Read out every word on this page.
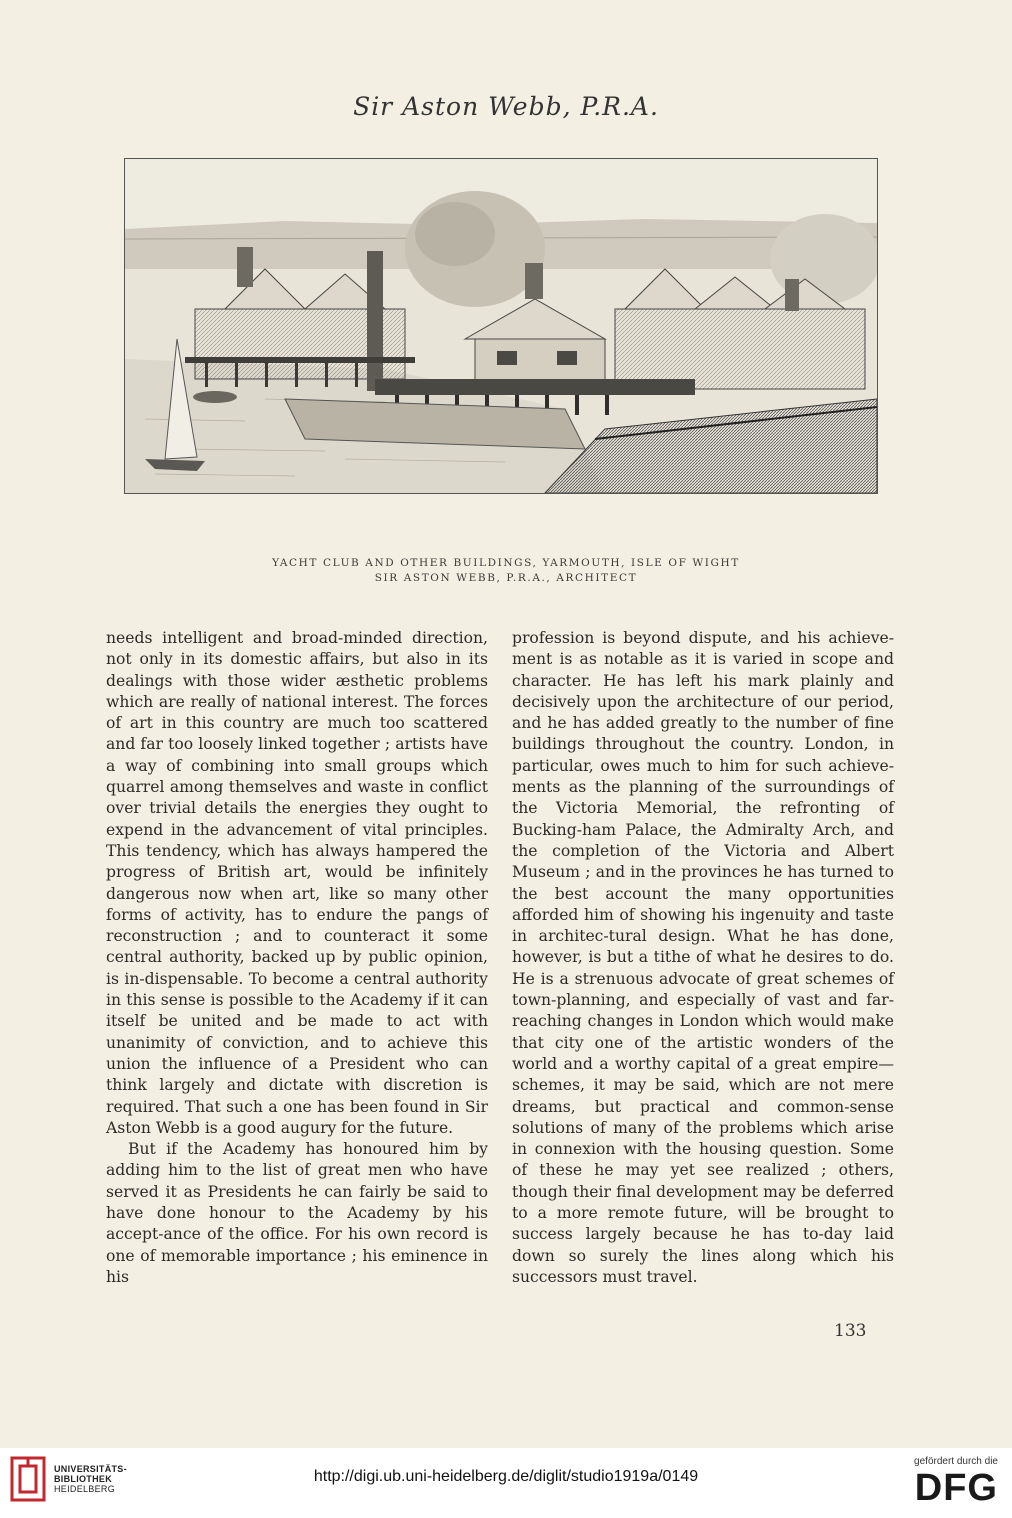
Sir Aston Webb, P.R.A.
YACHT CLUB AND OTHER BUILDINGS, YARMOUTH, ISLE OF WIGHT
SIR ASTON WEBB, P.R.A., ARCHITECT

needs intelligent and broad-minded direction, not only in its domestic affairs, but also in its dealings with those wider æsthetic problems which are really of national interest. The forces of art in this country are much too scattered and far too loosely linked together ; artists have a way of combining into small groups which quarrel among themselves and waste in conflict over trivial details the energies they ought to expend in the advancement of vital principles. This tendency, which has always hampered the progress of British art, would be infinitely dangerous now when art, like so many other forms of activity, has to endure the pangs of reconstruction ; and to counteract it some central authority, backed up by public opinion, is in-dispensable. To become a central authority in this sense is possible to the Academy if it can itself be united and be made to act with unanimity of conviction, and to achieve this union the influence of a President who can think largely and dictate with discretion is required. That such a one has been found in Sir Aston Webb is a good augury for the future.

But if the Academy has honoured him by adding him to the list of great men who have served it as Presidents he can fairly be said to have done honour to the Academy by his accept-ance of the office. For his own record is one of memorable importance ; his eminence in his

profession is beyond dispute, and his achieve-ment is as notable as it is varied in scope and character. He has left his mark plainly and decisively upon the architecture of our period, and he has added greatly to the number of fine buildings throughout the country. London, in particular, owes much to him for such achieve-ments as the planning of the surroundings of the Victoria Memorial, the refronting of Bucking-ham Palace, the Admiralty Arch, and the completion of the Victoria and Albert Museum ; and in the provinces he has turned to the best account the many opportunities afforded him of showing his ingenuity and taste in architec-tural design. What he has done, however, is but a tithe of what he desires to do. He is a strenuous advocate of great schemes of town-planning, and especially of vast and far-reaching changes in London which would make that city one of the artistic wonders of the world and a worthy capital of a great empire—schemes, it may be said, which are not mere dreams, but practical and common-sense solutions of many of the problems which arise in connexion with the housing question. Some of these he may yet see realized ; others, though their final development may be deferred to a more remote future, will be brought to success largely because he has to-day laid down so surely the lines along which his successors must travel.

133
UNIVERSITÄTS-
BIBLIOTHEK
HEIDELBERG
http://digi.ub.uni-heidelberg.de/diglit/studio1919a/0149
gefördert durch die
DFG
